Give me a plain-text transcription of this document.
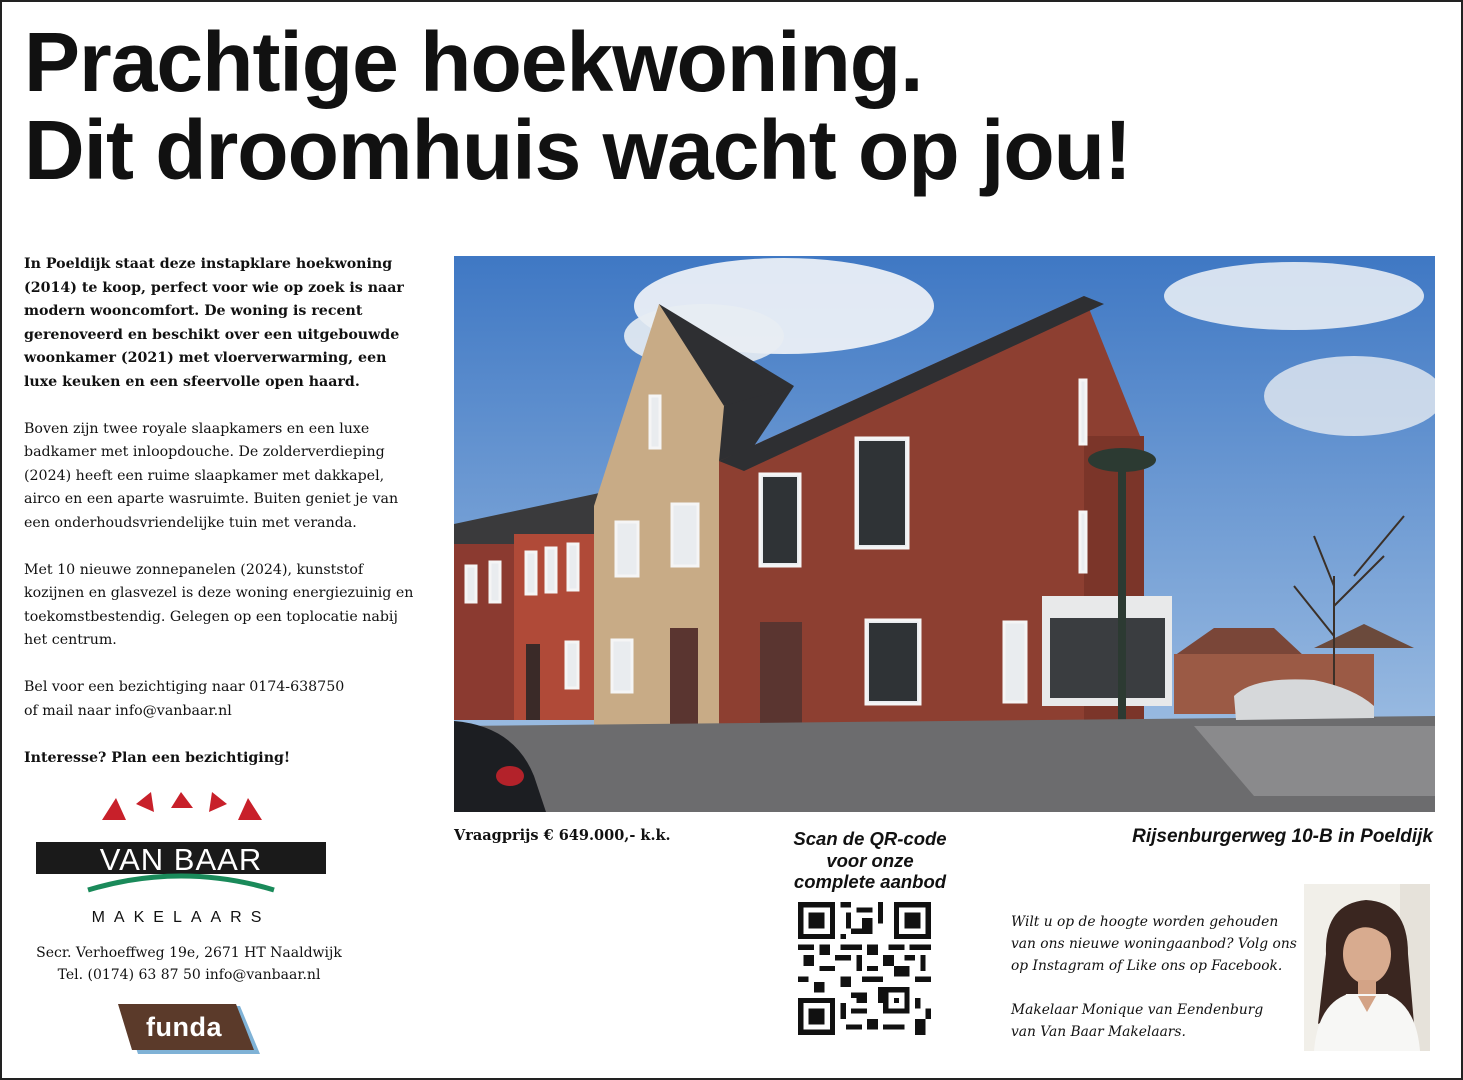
Prachtige hoekwoning.
Dit droomhuis wacht op jou!

In Poeldijk staat deze instapklare hoekwoning (2014) te koop, perfect voor wie op zoek is naar modern wooncomfort. De woning is recent gerenoveerd en beschikt over een uitgebouwde woonkamer (2021) met vloerverwarming, een luxe keuken en een sfeervolle open haard.

Boven zijn twee royale slaapkamers en een luxe badkamer met inloopdouche. De zolderverdieping (2024) heeft een ruime slaapkamer met dakkapel, airco en een aparte wasruimte. Buiten geniet je van een onderhoudsvriendelijke tuin met veranda.

Met 10 nieuwe zonnepanelen (2024), kunststof kozijnen en glasvezel is deze woning energiezuinig en toekomstbestendig. Gelegen op een toplocatie nabij het centrum.

Bel voor een bezichtiging naar 0174-638750
of mail naar info@vanbaar.nl

Interesse? Plan een bezichtiging!

VAN BAAR
MAKELAARS
Secr. Verhoeffweg 19e, 2671 HT Naaldwijk
Tel. (0174) 63 87 50 info@vanbaar.nl
funda
Vraagprijs € 649.000,- k.k.	Rijsenburgerweg 10-B in Poeldijk
Scan de QR-code
voor onze
complete aanbod

Wilt u op de hoogte worden gehouden van ons nieuwe woningaanbod? Volg ons op Instagram of Like ons op Facebook.

Makelaar Monique van Eendenburg
van Van Baar Makelaars.
